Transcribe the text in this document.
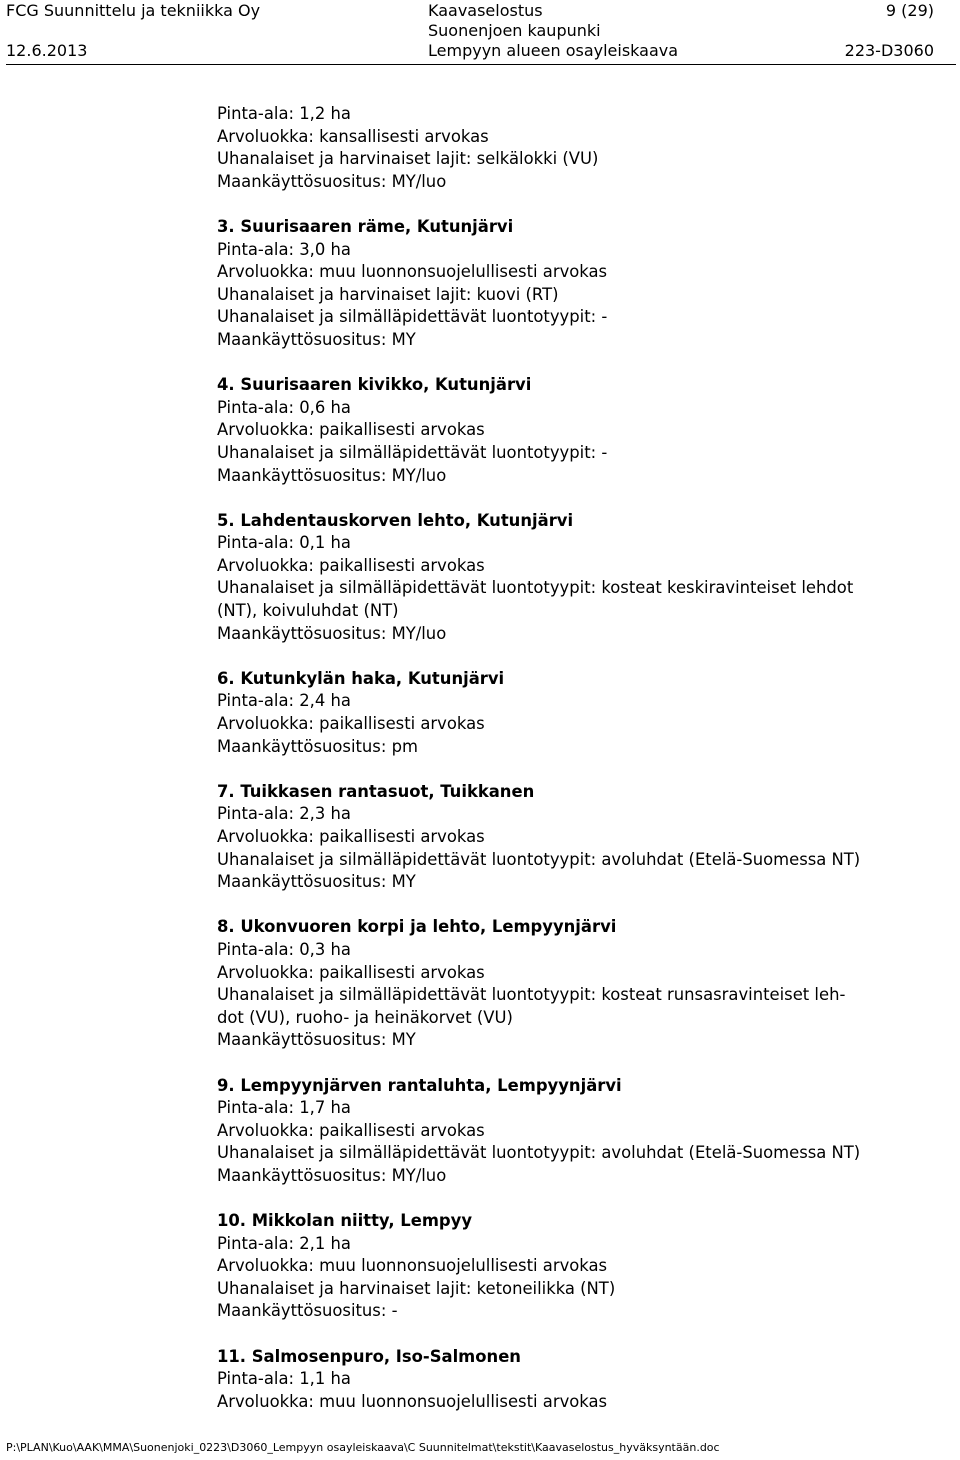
FCG Suunnittelu ja tekniikka Oy	Kaavaselostus	9 (29)
Suonenjoen kaupunki
12.6.2013	Lempyyn alueen osayleiskaava	223-D3060
Pinta-ala: 1,2 ha
Arvoluokka: kansallisesti arvokas
Uhanalaiset ja harvinaiset lajit: selkälokki (VU)
Maankäyttösuositus: MY/luo
3. Suurisaaren räme, Kutunjärvi
Pinta-ala: 3,0 ha
Arvoluokka: muu luonnonsuojelullisesti arvokas
Uhanalaiset ja harvinaiset lajit: kuovi (RT)
Uhanalaiset ja silmälläpidettävät luontotyypit: -
Maankäyttösuositus: MY
4. Suurisaaren kivikko, Kutunjärvi
Pinta-ala: 0,6 ha
Arvoluokka: paikallisesti arvokas
Uhanalaiset ja silmälläpidettävät luontotyypit: -
Maankäyttösuositus: MY/luo
5. Lahdentauskorven lehto, Kutunjärvi
Pinta-ala: 0,1 ha
Arvoluokka: paikallisesti arvokas
Uhanalaiset ja silmälläpidettävät luontotyypit: kosteat keskiravinteiset lehdot
(NT), koivuluhdat (NT)
Maankäyttösuositus: MY/luo
6. Kutunkylän haka, Kutunjärvi
Pinta-ala: 2,4 ha
Arvoluokka: paikallisesti arvokas
Maankäyttösuositus: pm
7. Tuikkasen rantasuot, Tuikkanen
Pinta-ala: 2,3 ha
Arvoluokka: paikallisesti arvokas
Uhanalaiset ja silmälläpidettävät luontotyypit: avoluhdat (Etelä-Suomessa NT)
Maankäyttösuositus: MY
8. Ukonvuoren korpi ja lehto, Lempyynjärvi
Pinta-ala: 0,3 ha
Arvoluokka: paikallisesti arvokas
Uhanalaiset ja silmälläpidettävät luontotyypit: kosteat runsasravinteiset leh-
dot (VU), ruoho- ja heinäkorvet (VU)
Maankäyttösuositus: MY
9. Lempyynjärven rantaluhta, Lempyynjärvi
Pinta-ala: 1,7 ha
Arvoluokka: paikallisesti arvokas
Uhanalaiset ja silmälläpidettävät luontotyypit: avoluhdat (Etelä-Suomessa NT)
Maankäyttösuositus: MY/luo
10. Mikkolan niitty, Lempyy
Pinta-ala: 2,1 ha
Arvoluokka: muu luonnonsuojelullisesti arvokas
Uhanalaiset ja harvinaiset lajit: ketoneilikka (NT)
Maankäyttösuositus: -
11. Salmosenpuro, Iso-Salmonen
Pinta-ala: 1,1 ha
Arvoluokka: muu luonnonsuojelullisesti arvokas
P:\PLAN\Kuo\AAK\MMA\Suonenjoki_0223\D3060_Lempyyn osayleiskaava\C Suunnitelmat\tekstit\Kaavaselostus_hyväksyntään.doc
